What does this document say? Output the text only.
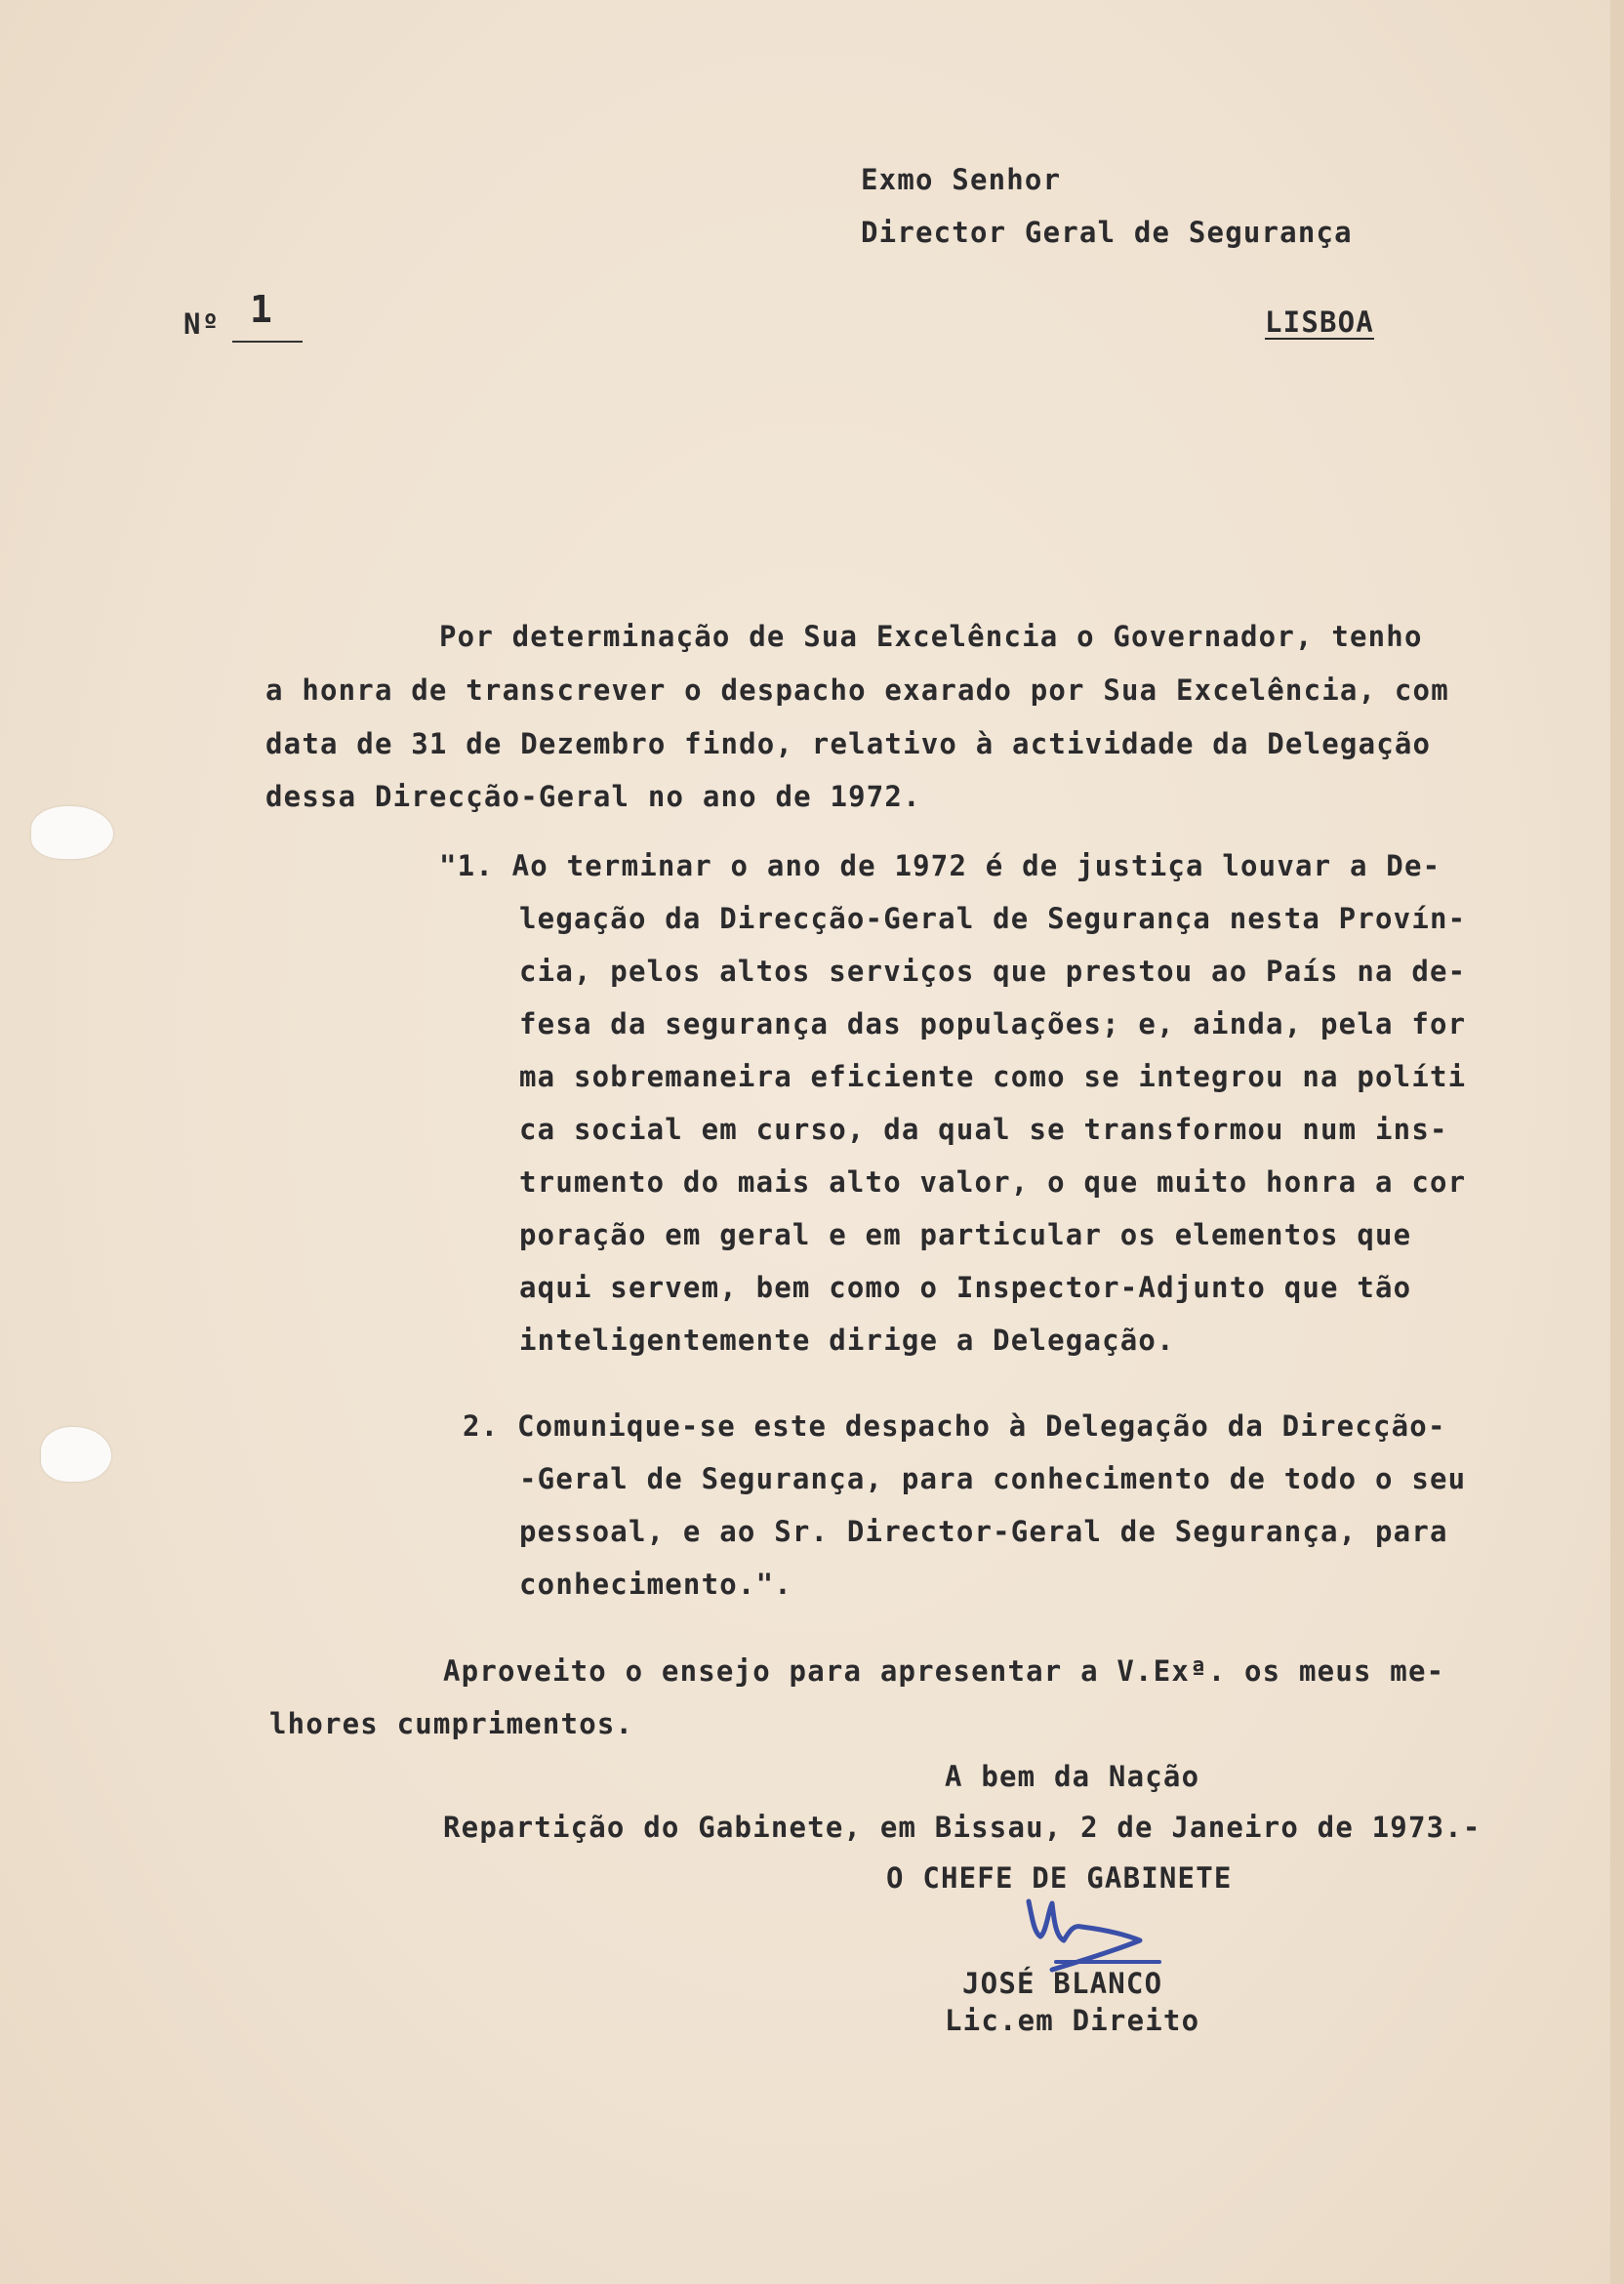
Exmo Senhor
Director Geral de Segurança
Nº 1	LISBOA
Por determinação de Sua Excelência o Governador, tenho
a honra de transcrever o despacho exarado por Sua Excelência, com
data de 31 de Dezembro findo, relativo à actividade da Delegação
dessa Direcção-Geral no ano de 1972.
"1. Ao terminar o ano de 1972 é de justiça louvar a De-
legação da Direcção-Geral de Segurança nesta Provín-
cia, pelos altos serviços que prestou ao País na de-
fesa da segurança das populações; e, ainda, pela for
ma sobremaneira eficiente como se integrou na políti
ca social em curso, da qual se transformou num ins-
trumento do mais alto valor, o que muito honra a cor
poração em geral e em particular os elementos que
aqui servem, bem como o Inspector-Adjunto que tão
inteligentemente dirige a Delegação.
2. Comunique-se este despacho à Delegação da Direcção-
-Geral de Segurança, para conhecimento de todo o seu
pessoal, e ao Sr. Director-Geral de Segurança, para
conhecimento.".
Aproveito o ensejo para apresentar a V.Exª. os meus me-
lhores cumprimentos.
A bem da Nação
Repartição do Gabinete, em Bissau, 2 de Janeiro de 1973.-
O CHEFE DE GABINETE
JOSÉ BLANCO
Lic.em Direito
